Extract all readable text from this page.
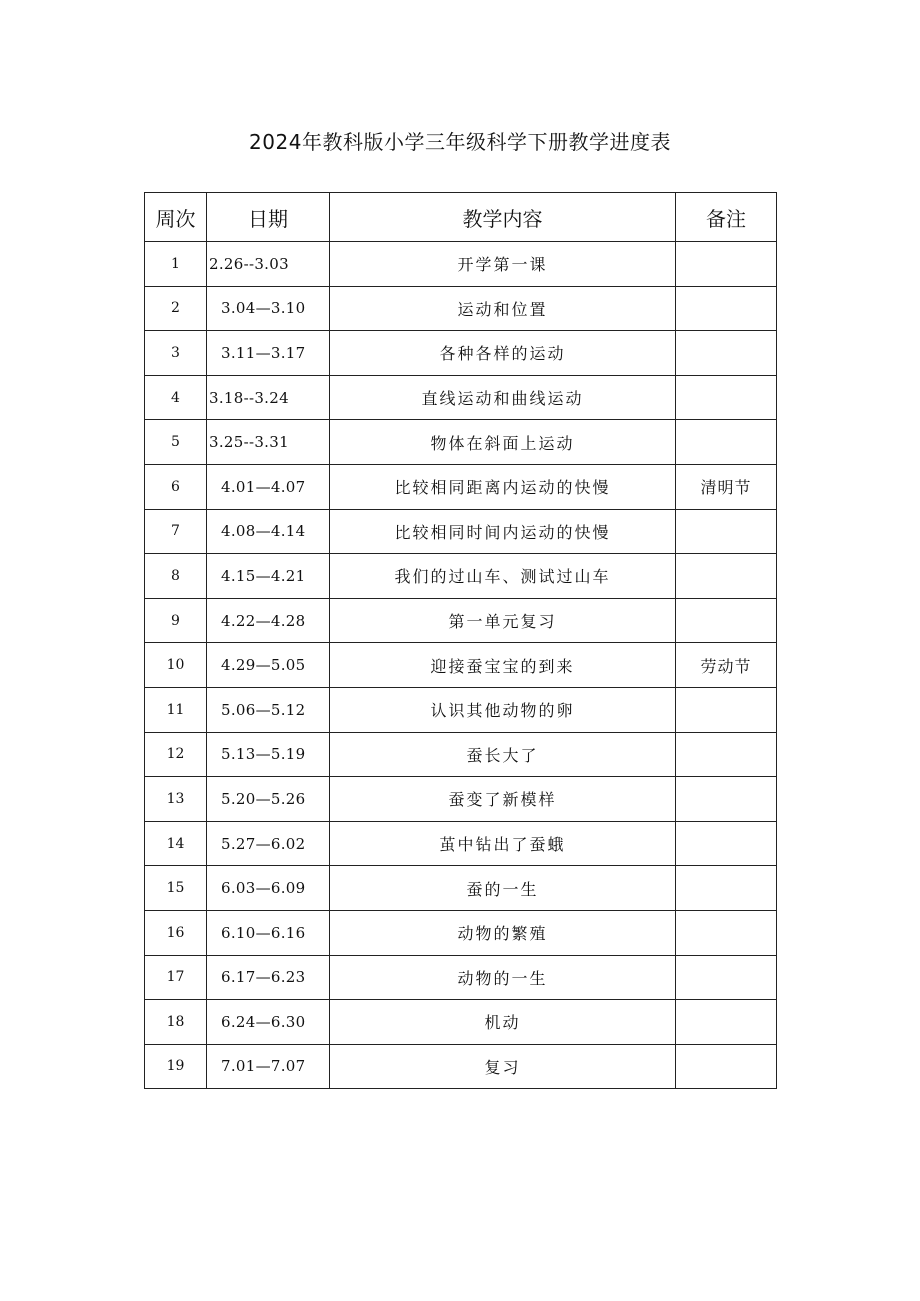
2024年教科版小学三年级科学下册教学进度表
周次	日期	教学内容	备注
1	2.26--3.03	开学第一课	
2	3.04—3.10	运动和位置	
3	3.11—3.17	各种各样的运动	
4	3.18--3.24	直线运动和曲线运动	
5	3.25--3.31	物体在斜面上运动	
6	4.01—4.07	比较相同距离内运动的快慢	清明节
7	4.08—4.14	比较相同时间内运动的快慢	
8	4.15—4.21	我们的过山车、测试过山车	
9	4.22—4.28	第一单元复习	
10	4.29—5.05	迎接蚕宝宝的到来	劳动节
11	5.06—5.12	认识其他动物的卵	
12	5.13—5.19	蚕长大了	
13	5.20—5.26	蚕变了新模样	
14	5.27—6.02	茧中钻出了蚕蛾	
15	6.03—6.09	蚕的一生	
16	6.10—6.16	动物的繁殖	
17	6.17—6.23	动物的一生	
18	6.24—6.30	机动	
19	7.01—7.07	复习	
